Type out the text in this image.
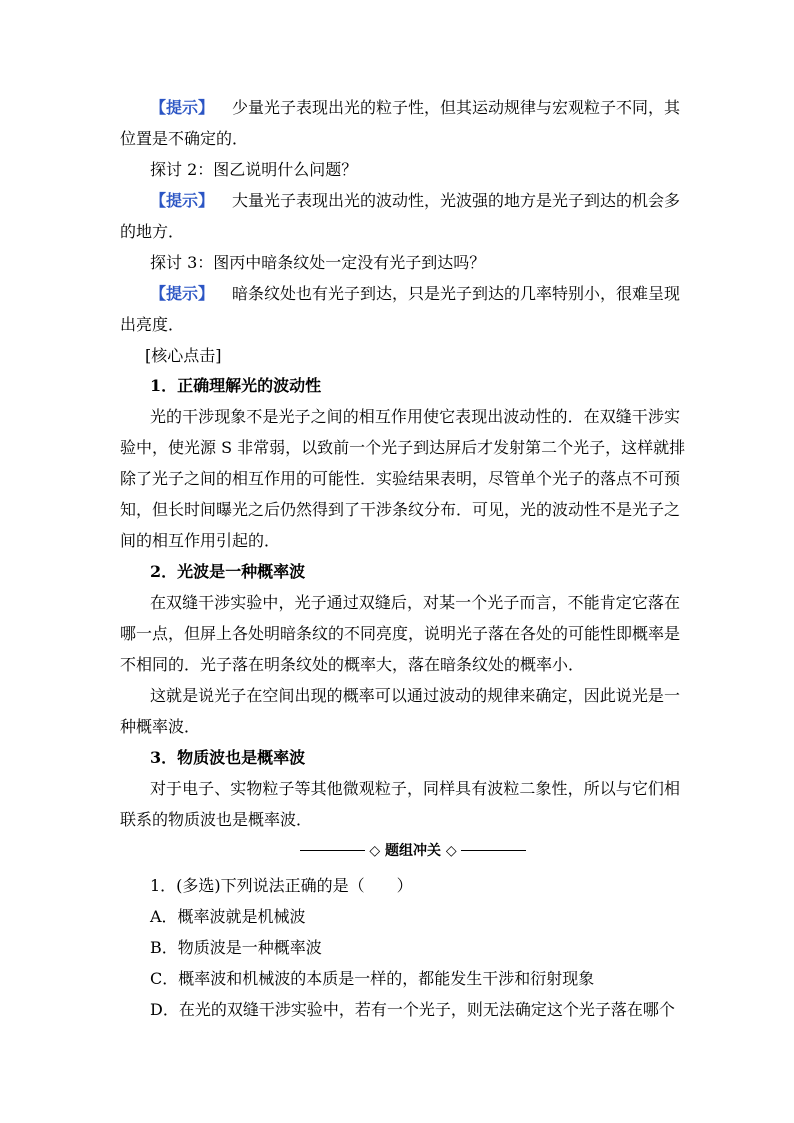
【提示】 少量光子表现出光的粒子性，但其运动规律与宏观粒子不同，其
位置是不确定的．
探讨 2：图乙说明什么问题？
【提示】 大量光子表现出光的波动性，光波强的地方是光子到达的机会多
的地方．
探讨 3：图丙中暗条纹处一定没有光子到达吗？
【提示】 暗条纹处也有光子到达，只是光子到达的几率特别小，很难呈现
出亮度．
[核心点击]
1．正确理解光的波动性
光的干涉现象不是光子之间的相互作用使它表现出波动性的．在双缝干涉实
验中，使光源 S 非常弱，以致前一个光子到达屏后才发射第二个光子，这样就排
除了光子之间的相互作用的可能性．实验结果表明，尽管单个光子的落点不可预
知，但长时间曝光之后仍然得到了干涉条纹分布．可见，光的波动性不是光子之
间的相互作用引起的．
2．光波是一种概率波
在双缝干涉实验中，光子通过双缝后，对某一个光子而言，不能肯定它落在
哪一点，但屏上各处明暗条纹的不同亮度，说明光子落在各处的可能性即概率是
不相同的．光子落在明条纹处的概率大，落在暗条纹处的概率小．
这就是说光子在空间出现的概率可以通过波动的规律来确定，因此说光是一
种概率波．
3．物质波也是概率波
对于电子、实物粒子等其他微观粒子，同样具有波粒二象性，所以与它们相
联系的物质波也是概率波．
◇ 题组冲关 ◇
1．(多选)下列说法正确的是（　　）
A．概率波就是机械波
B．物质波是一种概率波
C．概率波和机械波的本质是一样的，都能发生干涉和衍射现象
D．在光的双缝干涉实验中，若有一个光子，则无法确定这个光子落在哪个
